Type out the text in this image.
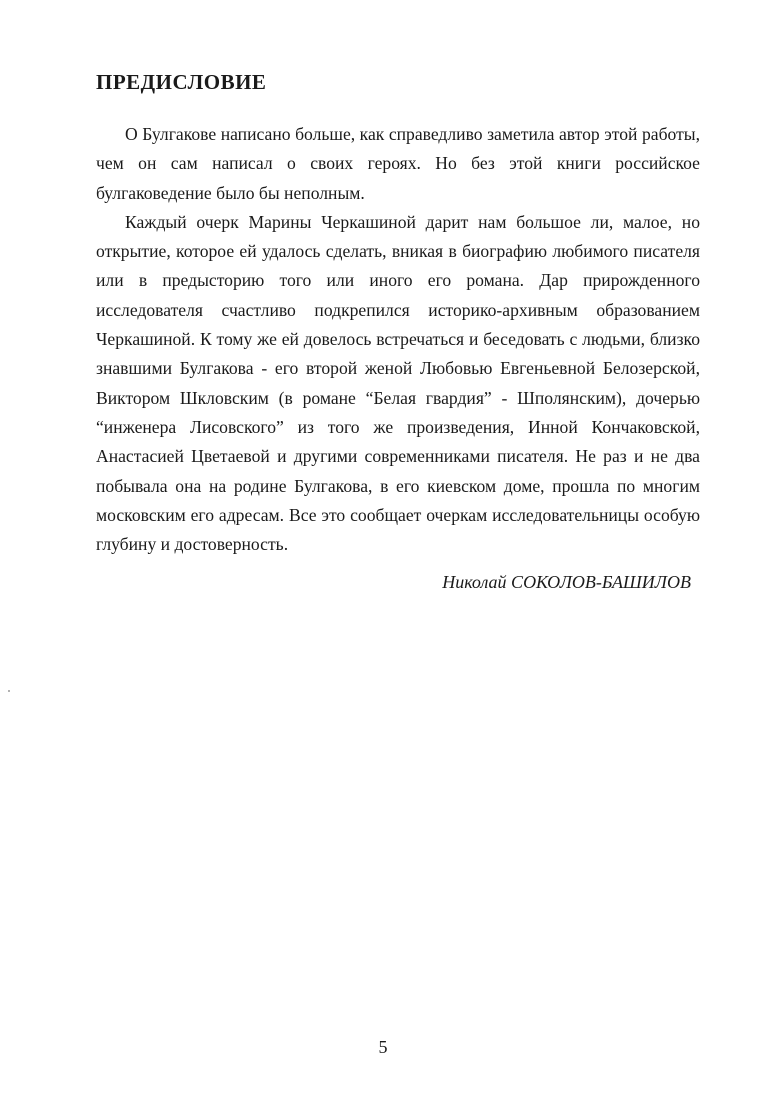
ПРЕДИСЛОВИЕ

О Булгакове написано больше, как справедливо заметила автор этой работы, чем он сам написал о своих героях. Но без этой книги российское булгаковедение было бы неполным.

Каждый очерк Марины Черкашиной дарит нам большое ли, малое, но открытие, которое ей удалось сделать, вникая в биографию любимого писателя или в предысторию того или иного его романа. Дар прирожденного исследователя счастливо подкрепился историко-архивным образованием Черкашиной. К тому же ей довелось встречаться и беседовать с людьми, близко знавшими Булгакова - его второй женой Любовью Евгеньевной Белозерской, Виктором Шкловским (в романе “Белая гвардия” - Шполянским), дочерью “инженера Лисовского” из того же произведения, Инной Кончаковской, Анастасией Цветаевой и другими современниками писателя. Не раз и не два побывала она на родине Булгакова, в его киевском доме, прошла по многим московским его адресам. Все это сообщает очеркам исследовательницы особую глубину и достоверность.

Николай СОКОЛОВ-БАШИЛОВ
5
